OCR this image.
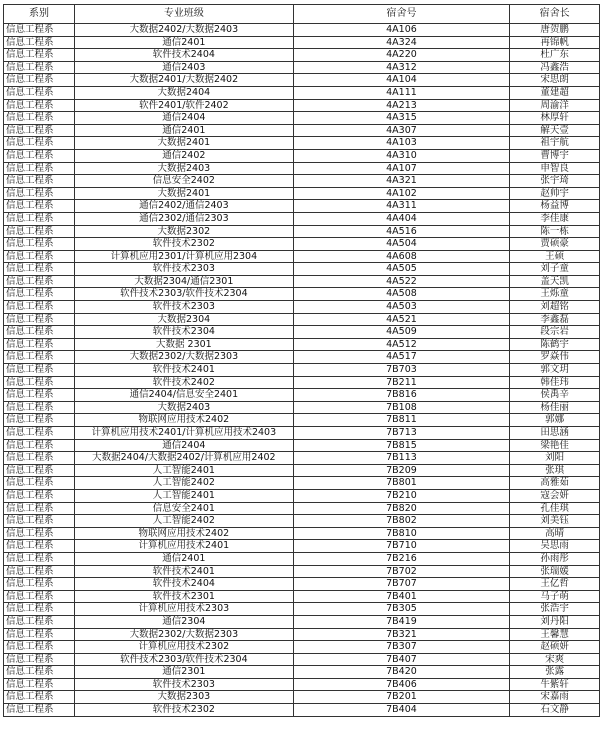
系别	专业班级	宿舍号	宿舍长
信息工程系	大数据2402/大数据2403	4A106	唐贺鹏
信息工程系	通信2401	4A324	再锦帆
信息工程系	软件技术2404	4A220	杜广东
信息工程系	通信2403	4A312	冯鑫浩
信息工程系	大数据2401/大数据2402	4A104	宋思朗
信息工程系	大数据2404	4A111	董建超
信息工程系	软件2401/软件2402	4A213	周渝洋
信息工程系	通信2404	4A315	林厚轩
信息工程系	通信2401	4A307	解天壹
信息工程系	大数据2401	4A103	祖宇航
信息工程系	通信2402	4A310	曹博宇
信息工程系	大数据2403	4A107	申智良
信息工程系	信息安全2402	4A321	张宇琦
信息工程系	大数据2401	4A102	赵帅宇
信息工程系	通信2402/通信2403	4A311	杨益博
信息工程系	通信2302/通信2303	4A404	李佳康
信息工程系	大数据2302	4A516	陈一栋
信息工程系	软件技术2302	4A504	贾硕豪
信息工程系	计算机应用2301/计算机应用2304	4A608	王硕
信息工程系	软件技术2303	4A505	刘子童
信息工程系	大数据2304/通信2301	4A522	盖天凯
信息工程系	软件技术2303/软件技术2304	4A508	王烁童
信息工程系	软件技术2303	4A503	刘超铭
信息工程系	大数据2304	4A521	李鑫磊
信息工程系	软件技术2304	4A509	段宗岩
信息工程系	大数据 2301	4A512	陈鹤宇
信息工程系	大数据2302/大数据2303	4A517	罗焱伟
信息工程系	软件技术2401	7B703	郭文玥
信息工程系	软件技术2402	7B211	韩佳玮
信息工程系	通信2404/信息安全2401	7B816	侯禹辛
信息工程系	大数据2403	7B108	杨佳丽
信息工程系	物联网应用技术2402	7B811	郭娜
信息工程系	计算机应用技术2401/计算机应用技术2403	7B713	田思涵
信息工程系	通信2404	7B815	梁艳佳
信息工程系	大数据2404/大数据2402/计算机应用2402	7B113	刘阳
信息工程系	人工智能2401	7B209	张琪
信息工程系	人工智能2402	7B801	高雅茹
信息工程系	人工智能2401	7B210	寇会妍
信息工程系	信息安全2401	7B820	孔佳琪
信息工程系	人工智能2402	7B802	刘美钰
信息工程系	物联网应用技术2402	7B810	高晴
信息工程系	计算机应用技术2401	7B710	吴思雨
信息工程系	通信2401	7B216	孙雨彤
信息工程系	软件技术2401	7B702	张瑞媛
信息工程系	软件技术2404	7B707	王亿哲
信息工程系	软件技术2301	7B401	马子萌
信息工程系	计算机应用技术2303	7B305	张浩宇
信息工程系	通信2304	7B419	刘丹阳
信息工程系	大数据2302/大数据2303	7B321	王馨慧
信息工程系	计算机应用技术2302	7B307	赵硕妍
信息工程系	软件技术2303/软件技术2304	7B407	宋爽
信息工程系	通信2301	7B420	张露
信息工程系	软件技术2303	7B406	牛紫轩
信息工程系	大数据2303	7B201	宋嘉雨
信息工程系	软件技术2302	7B404	石文静
